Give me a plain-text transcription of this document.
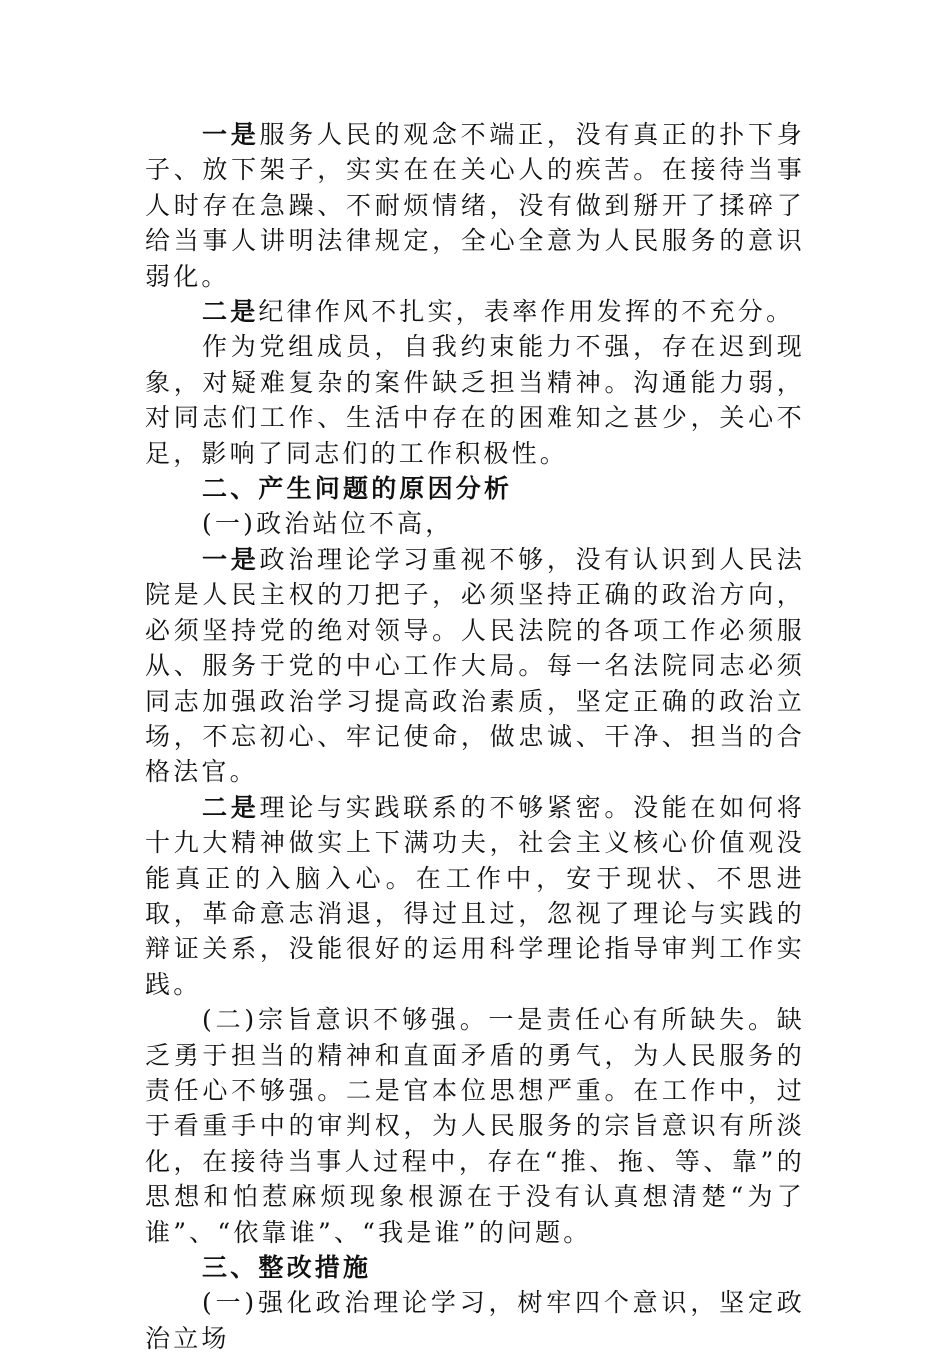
一是服务人民的观念不端正，没有真正的扑下身子、放下架子，实实在在关心人的疾苦。在接待当事人时存在急躁、不耐烦情绪，没有做到掰开了揉碎了给当事人讲明法律规定，全心全意为人民服务的意识弱化。

二是纪律作风不扎实，表率作用发挥的不充分。

作为党组成员，自我约束能力不强，存在迟到现象，对疑难复杂的案件缺乏担当精神。沟通能力弱，对同志们工作、生活中存在的困难知之甚少，关心不足，影响了同志们的工作积极性。

二、产生问题的原因分析

(一)政治站位不高，

一是政治理论学习重视不够，没有认识到人民法院是人民主权的刀把子，必须坚持正确的政治方向，必须坚持党的绝对领导。人民法院的各项工作必须服从、服务于党的中心工作大局。每一名法院同志必须同志加强政治学习提高政治素质，坚定正确的政治立场，不忘初心、牢记使命，做忠诚、干净、担当的合格法官。

二是理论与实践联系的不够紧密。没能在如何将十九大精神做实上下满功夫，社会主义核心价值观没能真正的入脑入心。在工作中，安于现状、不思进取，革命意志消退，得过且过，忽视了理论与实践的辩证关系，没能很好的运用科学理论指导审判工作实践。

(二)宗旨意识不够强。一是责任心有所缺失。缺乏勇于担当的精神和直面矛盾的勇气，为人民服务的责任心不够强。二是官本位思想严重。在工作中，过于看重手中的审判权，为人民服务的宗旨意识有所淡化，在接待当事人过程中，存在“推、拖、等、靠”的思想和怕惹麻烦现象根源在于没有认真想清楚“为了谁”、“依靠谁”、“我是谁”的问题。

三、整改措施

(一)强化政治理论学习，树牢四个意识，坚定政治立场
